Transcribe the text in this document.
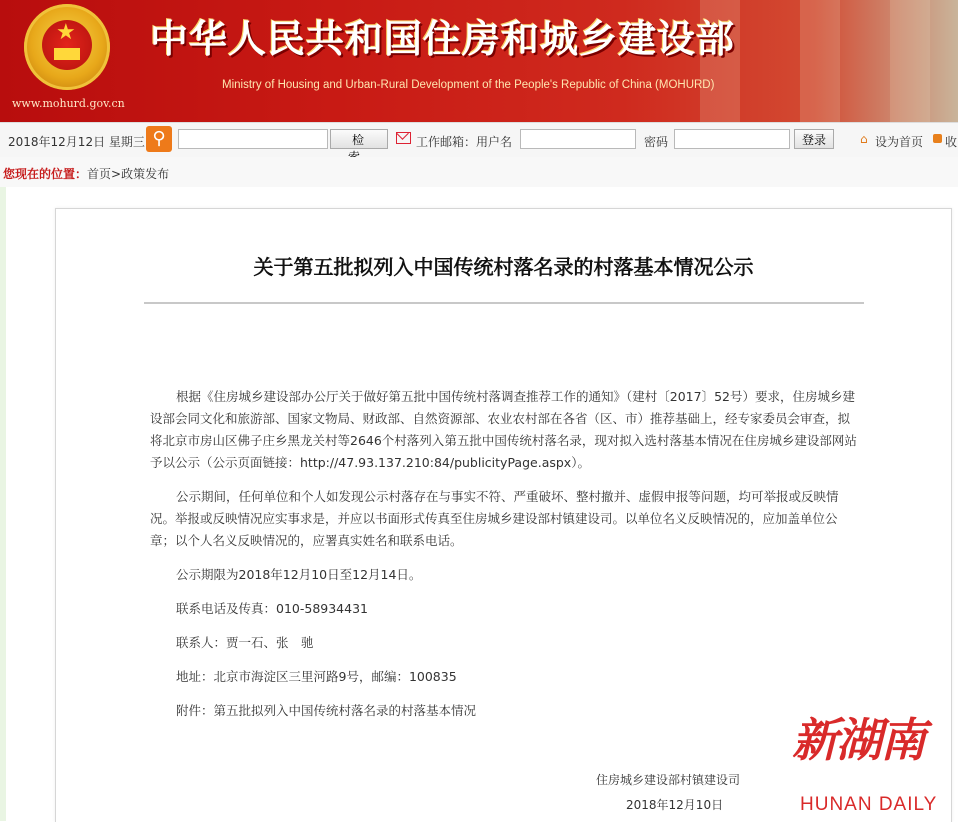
★
www.mohurd.gov.cn
中华人民共和国住房和城乡建设部
Ministry of Housing and Urban-Rural Development of the People's Republic of China (MOHURD)
2018年12月12日 星期三 ⚲	检	工作邮箱：用户名	密码	登录	⌂ 设为首页 收
您现在的位置：首页>政策发布
关于第五批拟列入中国传统村落名录的村落基本情况公示

根据《住房城乡建设部办公厅关于做好第五批中国传统村落调查推荐工作的通知》（建村〔2017〕52号）要求，住房城乡建设部会同文化和旅游部、国家文物局、财政部、自然资源部、农业农村部在各省（区、市）推荐基础上，经专家委员会审查，拟将北京市房山区佛子庄乡黑龙关村等2646个村落列入第五批中国传统村落名录，现对拟入选村落基本情况在住房城乡建设部网站予以公示（公示页面链接：http://47.93.137.210:84/publicityPage.aspx）。

公示期间，任何单位和个人如发现公示村落存在与事实不符、严重破坏、整村撤并、虚假申报等问题，均可举报或反映情况。举报或反映情况应实事求是，并应以书面形式传真至住房城乡建设部村镇建设司。以单位名义反映情况的，应加盖单位公章；以个人名义反映情况的，应署真实姓名和联系电话。

公示期限为2018年12月10日至12月14日。

联系电话及传真：010-58934431

联系人：贾一石、张　驰

地址：北京市海淀区三里河路9号，邮编：100835

附件：第五批拟列入中国传统村落名录的村落基本情况

住房城乡建设部村镇建设司
2018年12月10日
新湖南
HUNAN DAILY
